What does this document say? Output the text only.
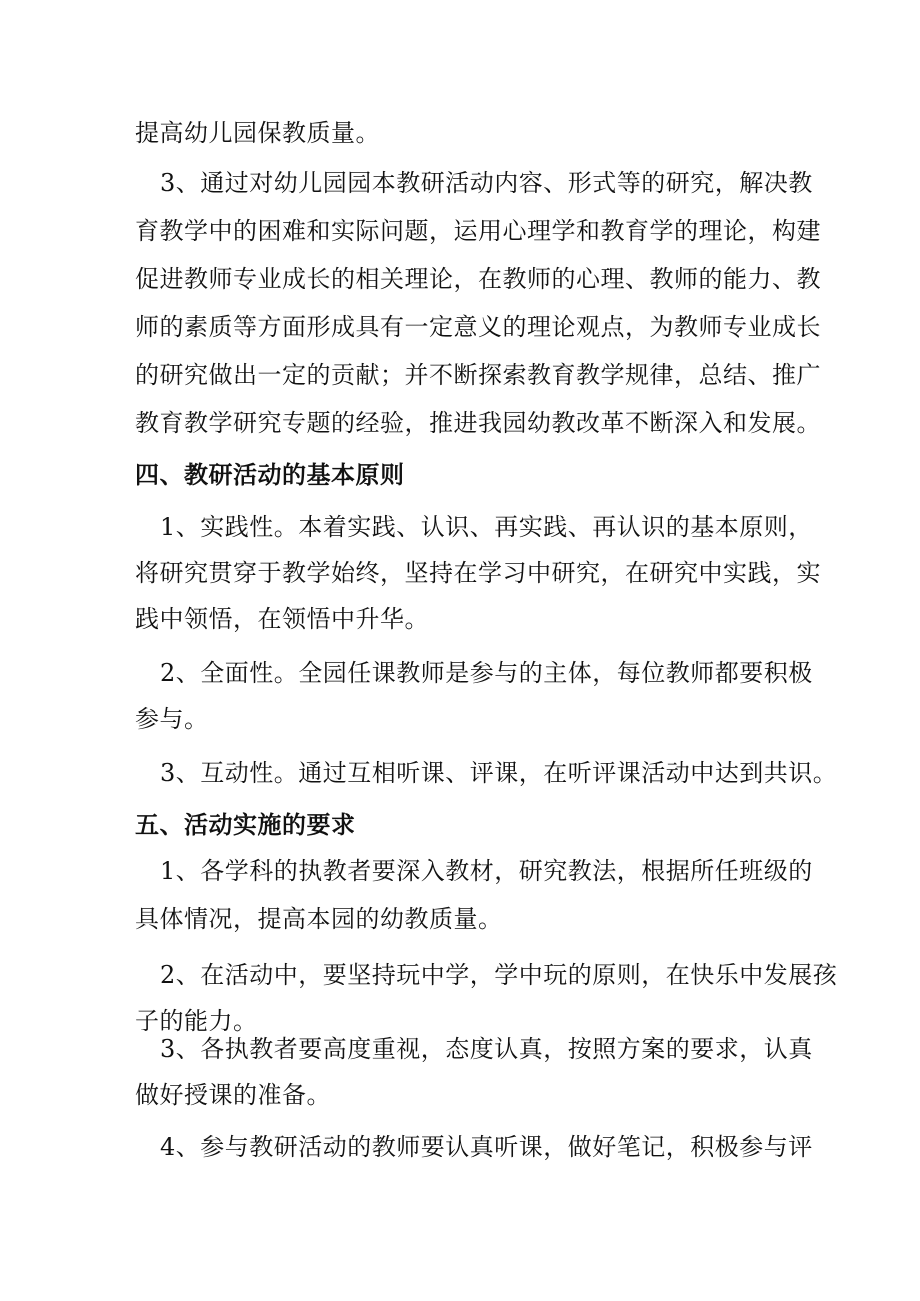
提高幼儿园保教质量。
3、通过对幼儿园园本教研活动内容、形式等的研究，解决教
育教学中的困难和实际问题，运用心理学和教育学的理论，构建
促进教师专业成长的相关理论，在教师的心理、教师的能力、教
师的素质等方面形成具有一定意义的理论观点，为教师专业成长
的研究做出一定的贡献；并不断探索教育教学规律，总结、推广
教育教学研究专题的经验，推进我园幼教改革不断深入和发展。
四、教研活动的基本原则
1、实践性。本着实践、认识、再实践、再认识的基本原则，
将研究贯穿于教学始终，坚持在学习中研究，在研究中实践，实
践中领悟，在领悟中升华。
2、全面性。全园任课教师是参与的主体，每位教师都要积极
参与。
3、互动性。通过互相听课、评课，在听评课活动中达到共识。
五、活动实施的要求
1、各学科的执教者要深入教材，研究教法，根据所任班级的
具体情况，提高本园的幼教质量。
2、在活动中，要坚持玩中学，学中玩的原则，在快乐中发展孩
子的能力。
3、各执教者要高度重视，态度认真，按照方案的要求，认真
做好授课的准备。
4、参与教研活动的教师要认真听课，做好笔记，积极参与评
